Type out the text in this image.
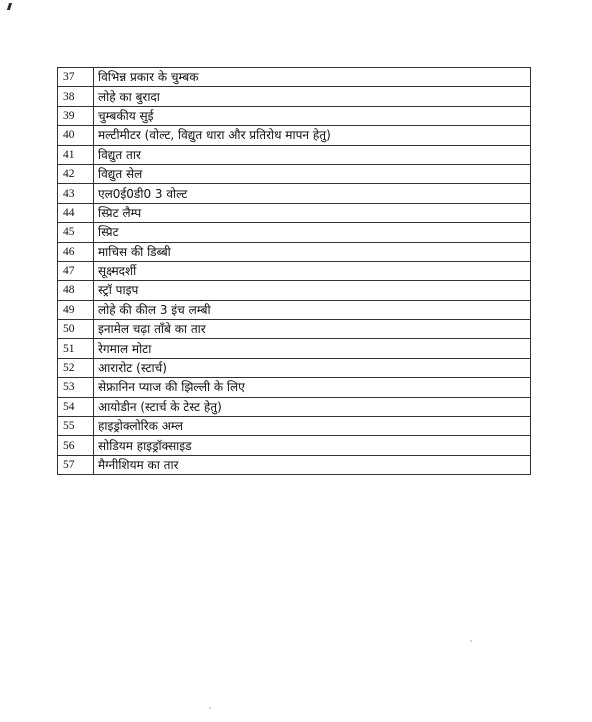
37	विभिन्न प्रकार के चुम्बक
38	लोहे का बुरादा
39	चुम्बकीय सुई
40	मल्टीमीटर (वोल्ट, विद्युत धारा और प्रतिरोध मापन हेतु)
41	विद्युत तार
42	विद्युत सेल
43	एल0ई0डी0 3 वोल्ट
44	स्प्रिट लैम्प
45	स्प्रिट
46	माचिस की डिब्बी
47	सूक्ष्मदर्शी
48	स्ट्रॉ पाइप
49	लोहे की कील 3 इंच लम्बी
50	इनामेल चढ़ा ताँबे का तार
51	रेगमाल मोटा
52	आरारोट (स्टार्च)
53	सेफ्रानिन प्याज की झिल्ली के लिए
54	आयोडीन (स्टार्च के टेस्ट हेतु)
55	हाइड्रोक्लोरिक अम्ल
56	सोडियम हाइड्रॉक्साइड
57	मैग्नीशियम का तार
